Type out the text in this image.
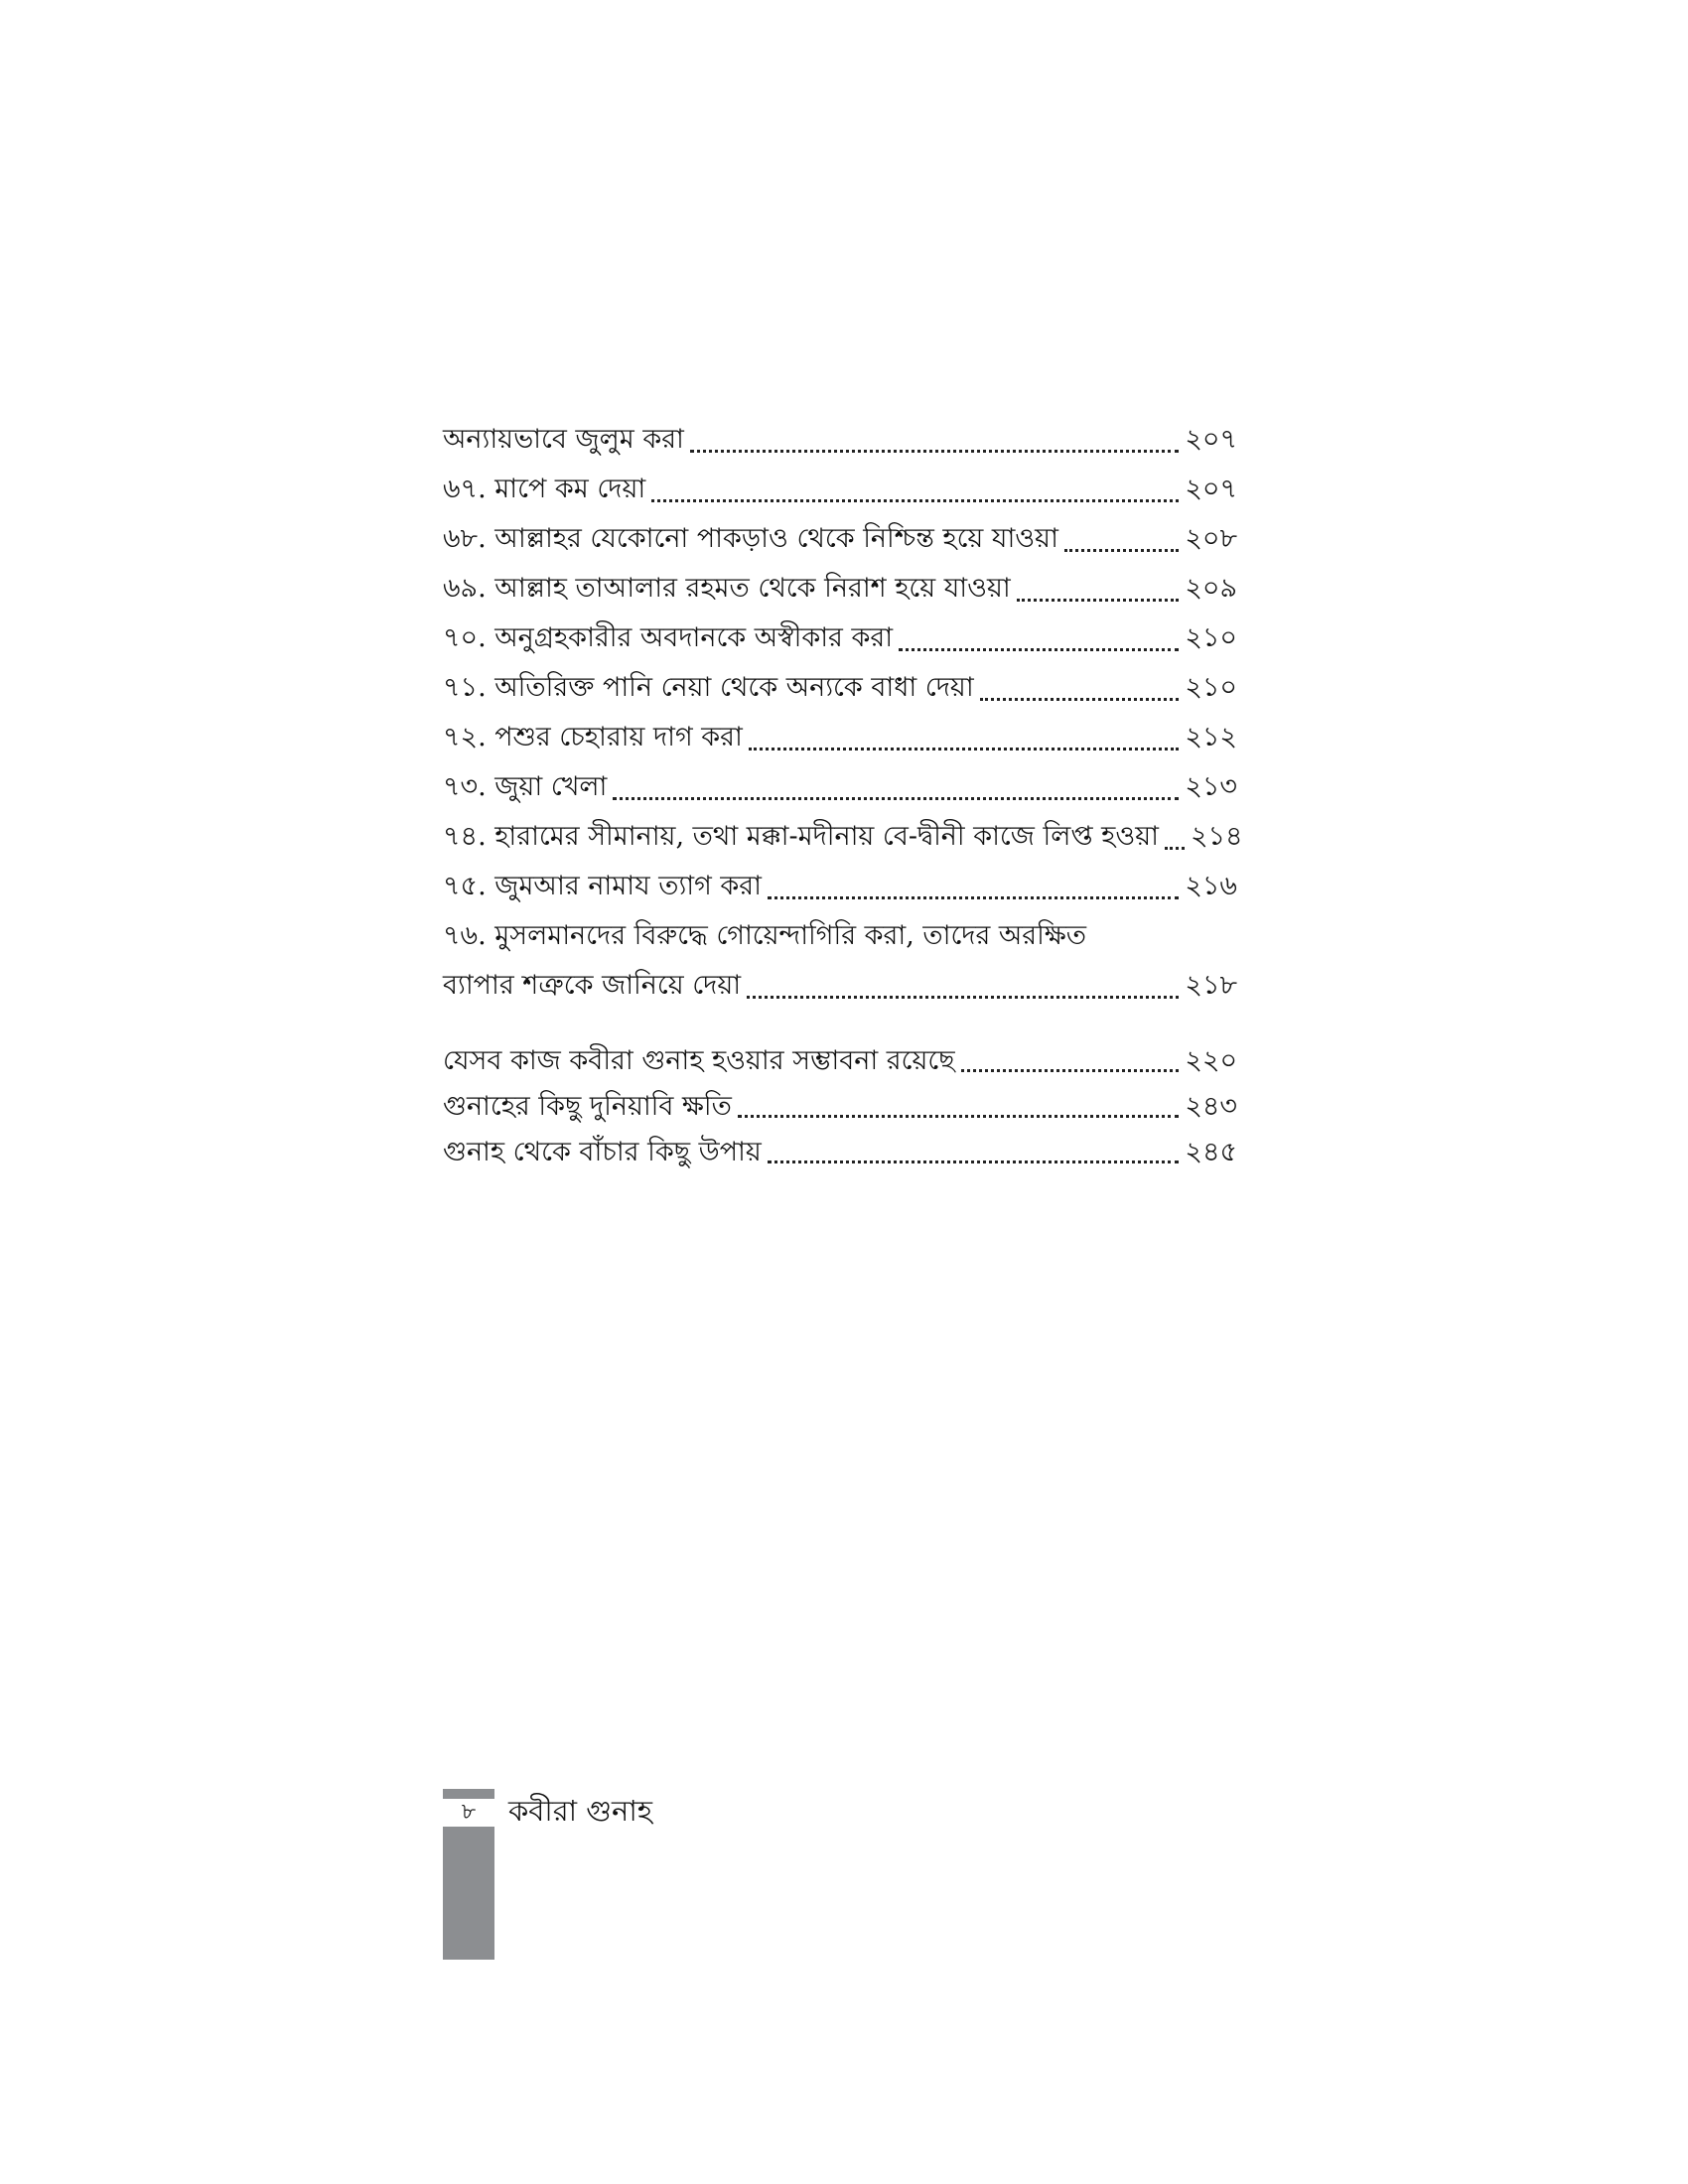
অন্যায়ভাবে জুলুম করা	২০৭
৬৭. মাপে কম দেয়া	২০৭
৬৮. আল্লাহর যেকোনো পাকড়াও থেকে নিশ্চিন্ত হয়ে যাওয়া	২০৮
৬৯. আল্লাহ তাআলার রহমত থেকে নিরাশ হয়ে যাওয়া	২০৯
৭০. অনুগ্রহকারীর অবদানকে অস্বীকার করা	২১০
৭১. অতিরিক্ত পানি নেয়া থেকে অন্যকে বাধা দেয়া	২১০
৭২. পশুর চেহারায় দাগ করা	২১২
৭৩. জুয়া খেলা	২১৩
৭৪. হারামের সীমানায়, তথা মক্কা-মদীনায় বে-দ্বীনী কাজে লিপ্ত হওয়া ২১৪
৭৫. জুমআর নামায ত্যাগ করা	২১৬
৭৬. মুসলমানদের বিরুদ্ধে গোয়েন্দাগিরি করা, তাদের অরক্ষিত
ব্যাপার শত্রুকে জানিয়ে দেয়া	২১৮
যেসব কাজ কবীরা গুনাহ হওয়ার সম্ভাবনা রয়েছে	২২০
গুনাহের কিছু দুনিয়াবি ক্ষতি	২৪৩
গুনাহ থেকে বাঁচার কিছু উপায়	২৪৫
৮	কবীরা গুনাহ
